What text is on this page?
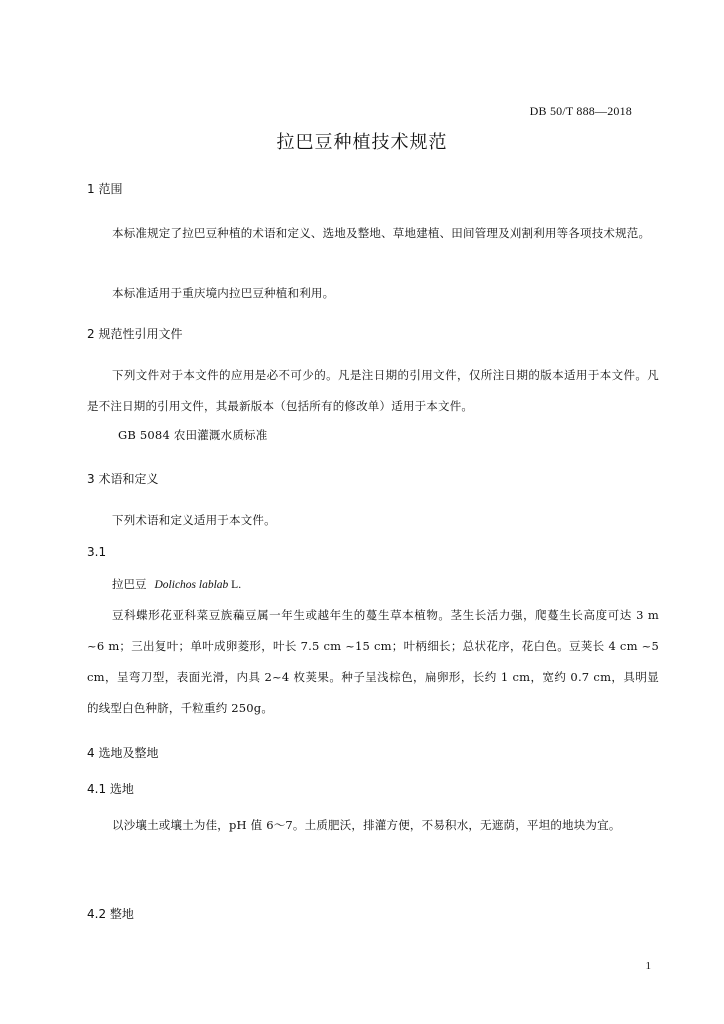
DB 50/T 888—2018
拉巴豆种植技术规范
1 范围

本标准规定了拉巴豆种植的术语和定义、选地及整地、草地建植、田间管理及刈割利用等各项技术规范。

本标准适用于重庆境内拉巴豆种植和利用。

2 规范性引用文件

下列文件对于本文件的应用是必不可少的。凡是注日期的引用文件，仅所注日期的版本适用于本文件。凡是不注日期的引用文件，其最新版本（包括所有的修改单）适用于本文件。

GB 5084 农田灌溉水质标准
3 术语和定义

下列术语和定义适用于本文件。

3.1
拉巴豆 Dolichos lablab L.

豆科蝶形花亚科菜豆族藊豆属一年生或越年生的蔓生草本植物。茎生长活力强，爬蔓生长高度可达 3 m ~6 m；三出复叶；单叶成卵菱形，叶长 7.5 cm ~15 cm；叶柄细长；总状花序，花白色。豆荚长 4 cm ~5 cm，呈弯刀型，表面光滑，内具 2~4 枚荚果。种子呈浅棕色，扁卵形，长约 1 cm，宽约 0.7 cm，具明显的线型白色种脐，千粒重约 250g。

4 选地及整地
4.1 选地

以沙壤土或壤土为佳，pH 值 6～7。土质肥沃，排灌方便，不易积水，无遮荫，平坦的地块为宜。

4.2 整地
1
